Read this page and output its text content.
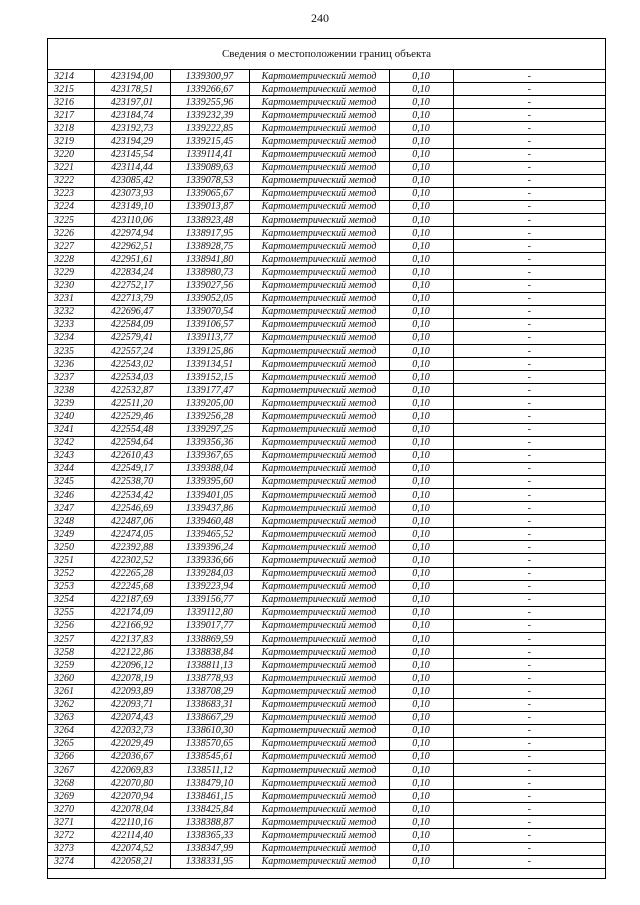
240
Сведения о местоположении границ объекта
3214	423194,00	1339300,97	Картометрический метод	0,10	-
3215	423178,51	1339266,67	Картометрический метод	0,10	-
3216	423197,01	1339255,96	Картометрический метод	0,10	-
3217	423184,74	1339232,39	Картометрический метод	0,10	-
3218	423192,73	1339222,85	Картометрический метод	0,10	-
3219	423194,29	1339215,45	Картометрический метод	0,10	-
3220	423145,54	1339114,41	Картометрический метод	0,10	-
3221	423114,44	1339089,63	Картометрический метод	0,10	-
3222	423085,42	1339078,53	Картометрический метод	0,10	-
3223	423073,93	1339065,67	Картометрический метод	0,10	-
3224	423149,10	1339013,87	Картометрический метод	0,10	-
3225	423110,06	1338923,48	Картометрический метод	0,10	-
3226	422974,94	1338917,95	Картометрический метод	0,10	-
3227	422962,51	1338928,75	Картометрический метод	0,10	-
3228	422951,61	1338941,80	Картометрический метод	0,10	-
3229	422834,24	1338980,73	Картометрический метод	0,10	-
3230	422752,17	1339027,56	Картометрический метод	0,10	-
3231	422713,79	1339052,05	Картометрический метод	0,10	-
3232	422696,47	1339070,54	Картометрический метод	0,10	-
3233	422584,09	1339106,57	Картометрический метод	0,10	-
3234	422579,41	1339113,77	Картометрический метод	0,10	-
3235	422557,24	1339125,86	Картометрический метод	0,10	-
3236	422543,02	1339134,51	Картометрический метод	0,10	-
3237	422534,03	1339152,15	Картометрический метод	0,10	-
3238	422532,87	1339177,47	Картометрический метод	0,10	-
3239	422511,20	1339205,00	Картометрический метод	0,10	-
3240	422529,46	1339256,28	Картометрический метод	0,10	-
3241	422554,48	1339297,25	Картометрический метод	0,10	-
3242	422594,64	1339356,36	Картометрический метод	0,10	-
3243	422610,43	1339367,65	Картометрический метод	0,10	-
3244	422549,17	1339388,04	Картометрический метод	0,10	-
3245	422538,70	1339395,60	Картометрический метод	0,10	-
3246	422534,42	1339401,05	Картометрический метод	0,10	-
3247	422546,69	1339437,86	Картометрический метод	0,10	-
3248	422487,06	1339460,48	Картометрический метод	0,10	-
3249	422474,05	1339465,52	Картометрический метод	0,10	-
3250	422392,88	1339396,24	Картометрический метод	0,10	-
3251	422302,52	1339336,66	Картометрический метод	0,10	-
3252	422265,28	1339284,03	Картометрический метод	0,10	-
3253	422245,68	1339223,94	Картометрический метод	0,10	-
3254	422187,69	1339156,77	Картометрический метод	0,10	-
3255	422174,09	1339112,80	Картометрический метод	0,10	-
3256	422166,92	1339017,77	Картометрический метод	0,10	-
3257	422137,83	1338869,59	Картометрический метод	0,10	-
3258	422122,86	1338838,84	Картометрический метод	0,10	-
3259	422096,12	1338811,13	Картометрический метод	0,10	-
3260	422078,19	1338778,93	Картометрический метод	0,10	-
3261	422093,89	1338708,29	Картометрический метод	0,10	-
3262	422093,71	1338683,31	Картометрический метод	0,10	-
3263	422074,43	1338667,29	Картометрический метод	0,10	-
3264	422032,73	1338610,30	Картометрический метод	0,10	-
3265	422029,49	1338570,65	Картометрический метод	0,10	-
3266	422036,67	1338545,61	Картометрический метод	0,10	-
3267	422069,83	1338511,12	Картометрический метод	0,10	-
3268	422070,80	1338479,10	Картометрический метод	0,10	-
3269	422070,94	1338461,15	Картометрический метод	0,10	-
3270	422078,04	1338425,84	Картометрический метод	0,10	-
3271	422110,16	1338388,87	Картометрический метод	0,10	-
3272	422114,40	1338365,33	Картометрический метод	0,10	-
3273	422074,52	1338347,99	Картометрический метод	0,10	-
3274	422058,21	1338331,95	Картометрический метод	0,10	-
